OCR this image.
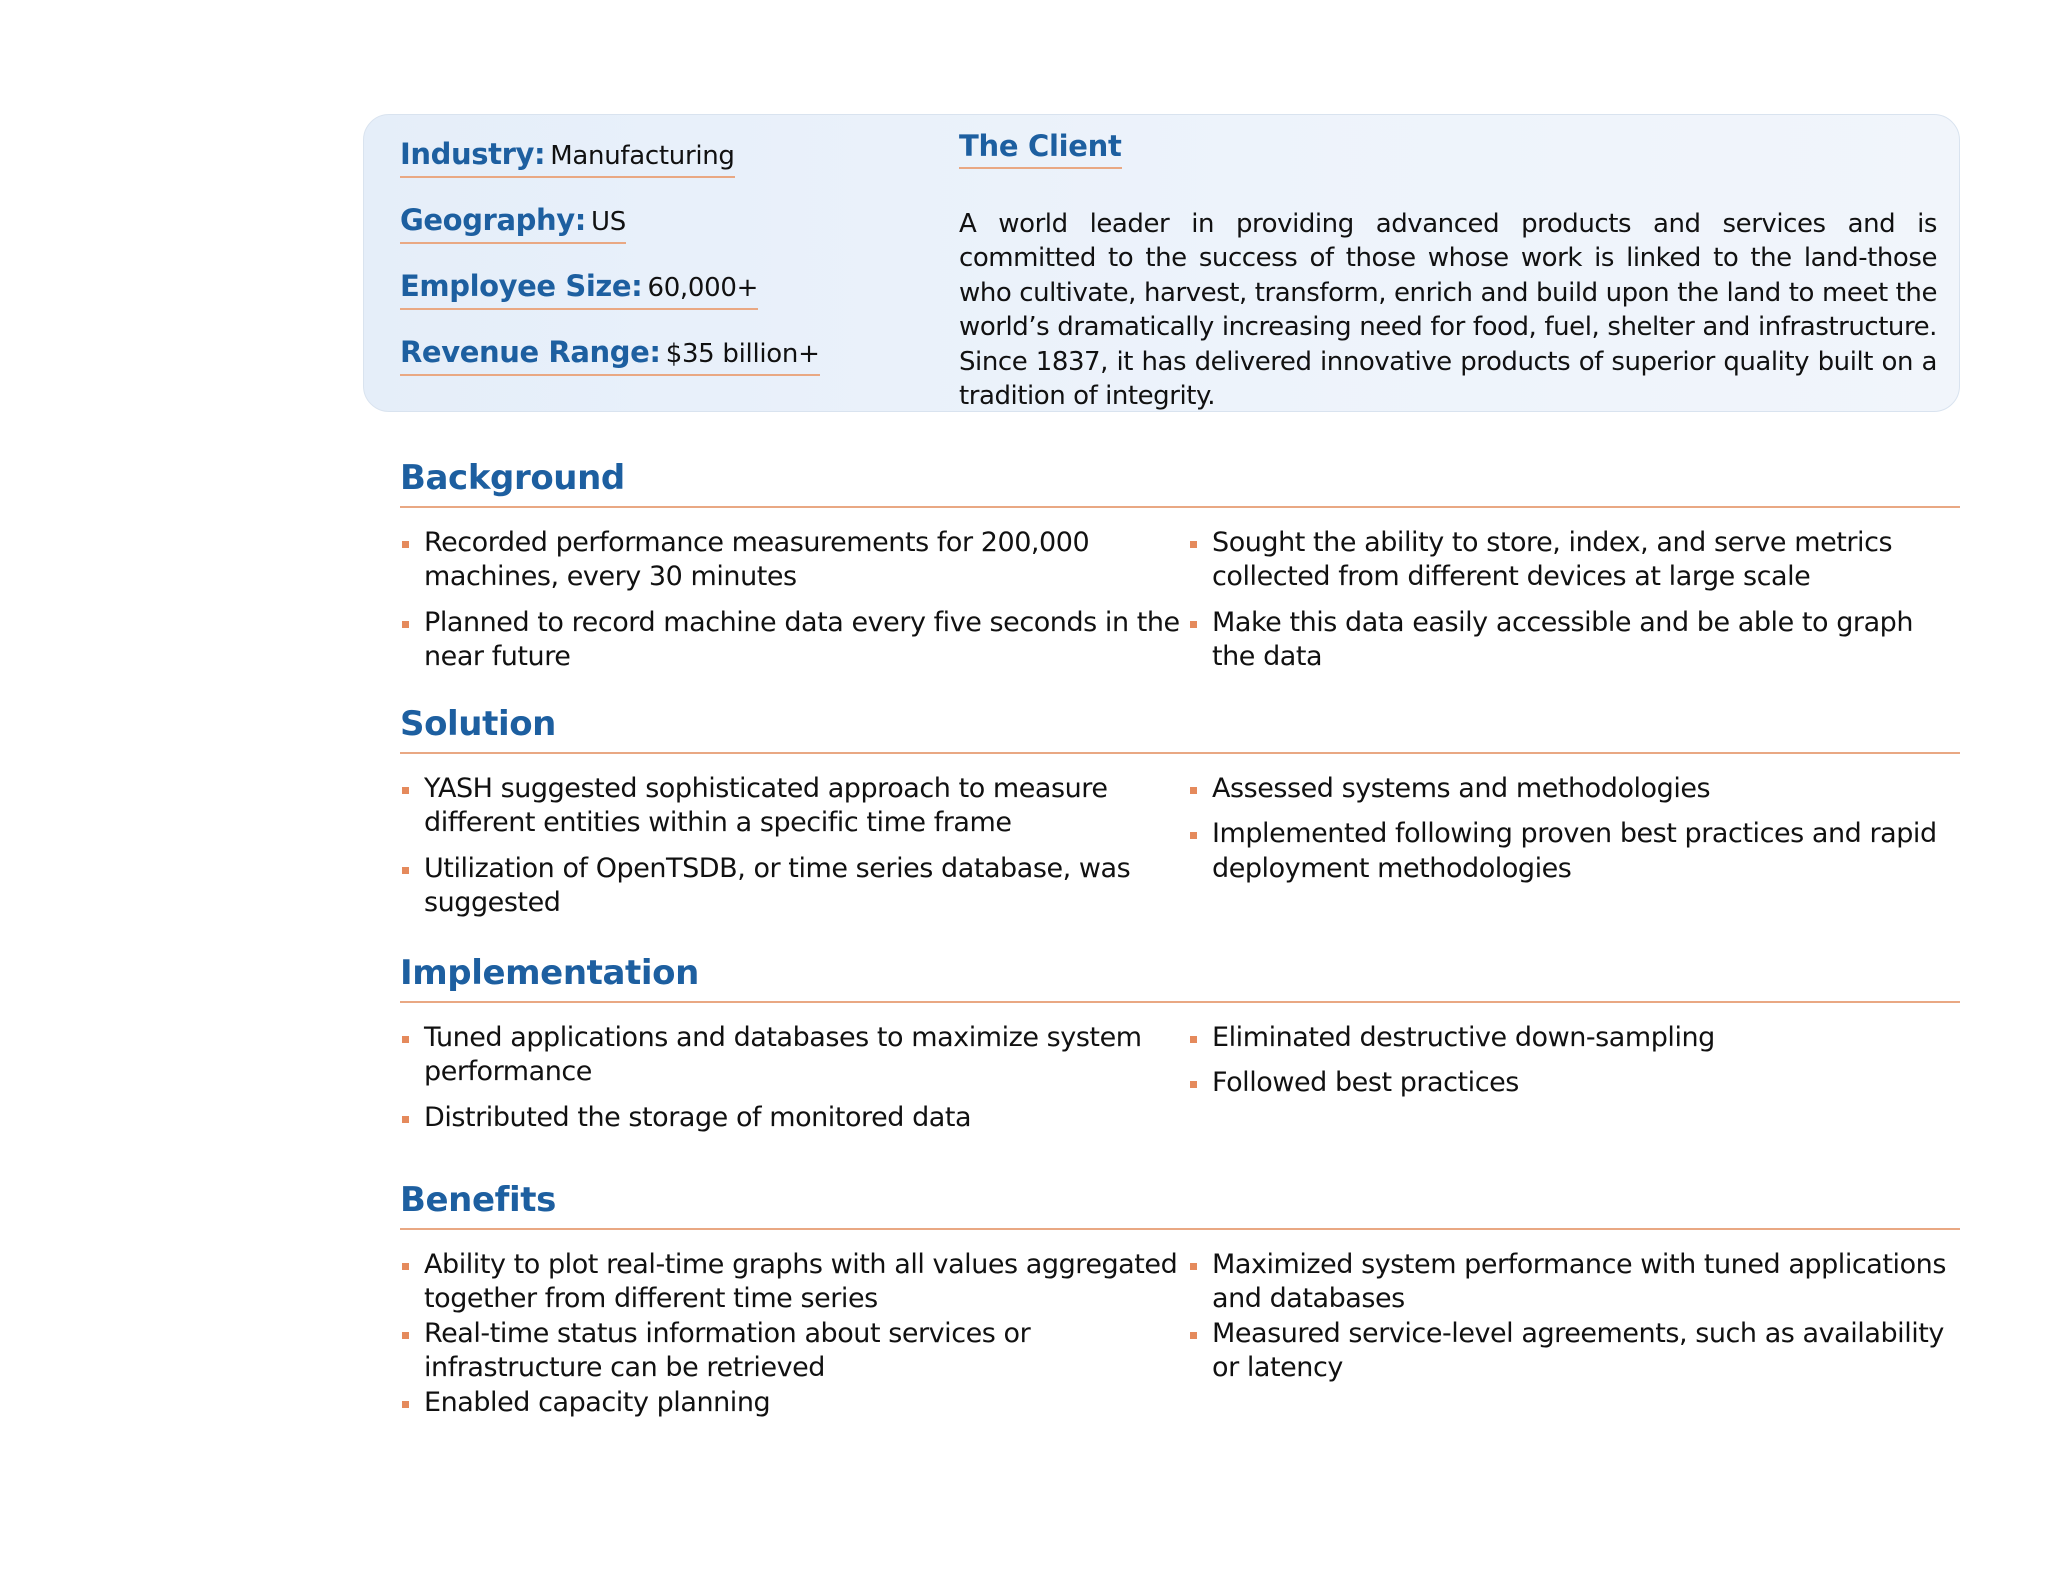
Industry: Manufacturing
Geography: US
Employee Size: 60,000+
Revenue Range: $35 billion+
The Client

A world leader in providing advanced products and services and is committed to the success of those whose work is linked to the land-those who cultivate, harvest, transform, enrich and build upon the land to meet the world’s dramatically increasing need for food, fuel, shelter and infrastructure. Since 1837, it has delivered innovative products of superior quality built on a tradition of integrity.

Background
Recorded performance measurements for 200,000 machines, every 30 minutes
Planned to record machine data every five seconds in the near future
Sought the ability to store, index, and serve metrics collected from different devices at large scale
Make this data easily accessible and be able to graph the data
Solution
YASH suggested sophisticated approach to measure different entities within a specific time frame
Utilization of OpenTSDB, or time series database, was suggested
Assessed systems and methodologies
Implemented following proven best practices and rapid deployment methodologies
Implementation
Tuned applications and databases to maximize system performance
Distributed the storage of monitored data
Eliminated destructive down-sampling
Followed best practices
Benefits
Ability to plot real-time graphs with all values aggregated together from different time series
Real-time status information about services or infrastructure can be retrieved
Enabled capacity planning
Maximized system performance with tuned applications and databases
Measured service-level agreements, such as availability or latency
